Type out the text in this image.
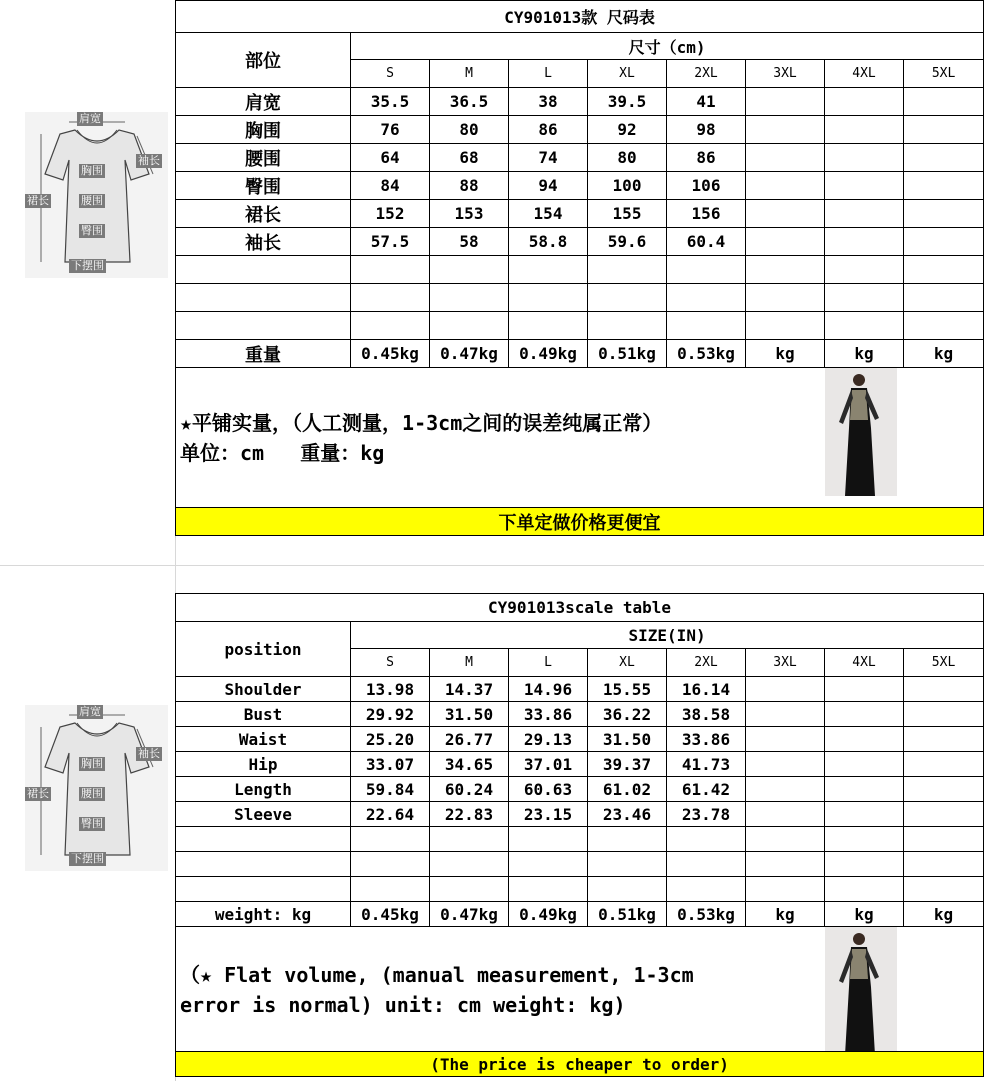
肩宽
袖长
裙长
胸围
腰围
臀围
下摆围
CY901013款 尺码表								
部位	尺寸（cm)							
	S	M	L	XL	2XL	3XL	4XL	5XL
肩宽	35.5	36.5	38	39.5	41			
胸围	76	80	86	92	98			
腰围	64	68	74	80	86			
臀围	84	88	94	100	106			
裙长	152	153	154	155	156			
袖长	57.5	58	58.8	59.6	60.4			

重量	0.45kg	0.47kg	0.49kg	0.51kg	0.53kg	kg	kg	kg

★平铺实量，（人工测量，1-3cm之间的误差纯属正常）
单位：cm   重量：kg								

下单定做价格更便宜								
肩宽
袖长
裙长
胸围
腰围
臀围
下摆围
CY901013scale table								
position	SIZE(IN)							
	S	M	L	XL	2XL	3XL	4XL	5XL
Shoulder	13.98	14.37	14.96	15.55	16.14			
Bust	29.92	31.50	33.86	36.22	38.58			
Waist	25.20	26.77	29.13	31.50	33.86			
Hip	33.07	34.65	37.01	39.37	41.73			
Length	59.84	60.24	60.63	61.02	61.42			
Sleeve	22.64	22.83	23.15	23.46	23.78			

weight: kg	0.45kg	0.47kg	0.49kg	0.51kg	0.53kg	kg	kg	kg

（★ Flat volume, (manual measurement, 1-3cm
error is normal) unit: cm weight: kg)								

(The price is cheaper to order)								
